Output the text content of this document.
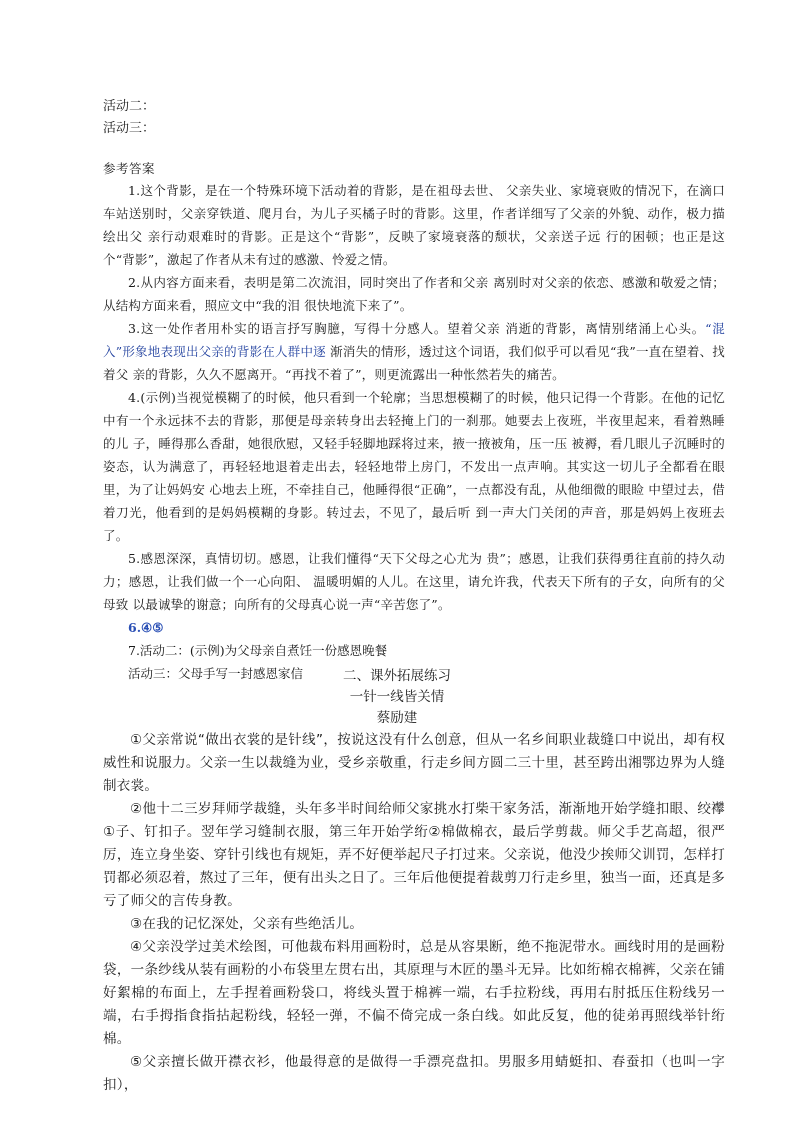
活动二：
活动三：
参考答案

1.这个背影，是在一个特殊环境下活动着的背影，是在祖母去世、 父亲失业、家境衰败的情况下，在滴口车站送别时，父亲穿铁道、爬月台，为儿子买橘子时的背影。这里，作者详细写了父亲的外貌、动作，极力描绘出父 亲行动艰难时的背影。正是这个“背影”，反映了家境衰落的颓状，父亲送子远 行的困顿；也正是这个“背影”，激起了作者从未有过的感激、怜爱之情。

2.从内容方面来看，表明是第二次流泪，同时突出了作者和父亲 离别时对父亲的依恋、感激和敬爱之情；从结构方面来看，照应文中“我的泪 很快地流下来了”。

3.这一处作者用朴实的语言抒写胸臆，写得十分感人。望着父亲 消逝的背影，离情别绪涌上心头。“混入”形象地表现出父亲的背影在人群中逐 渐消失的情形，透过这个词语，我们似乎可以看见“我”一直在望着、找着父 亲的背影，久久不愿离开。“再找不着了”，则更流露出一种怅然若失的痛苦。

4.(示例)当视觉模糊了的时候，他只看到一个轮廓；当思想模糊了的时候，他只记得一个背影。在他的记忆中有一个永远抹不去的背影，那便是母亲转身出去轻掩上门的一刹那。她要去上夜班，半夜里起来，看着熟睡的儿 子，睡得那么香甜，她很欣慰，又轻手轻脚地踩将过来，掖一掖被角，压一压 被褥，看几眼儿子沉睡时的姿态，认为满意了，再轻轻地退着走出去，轻轻地带上房门，不发出一点声响。其实这一切儿子全都看在眼里，为了让妈妈安 心地去上班，不牵挂自己，他睡得很“正确”，一点都没有乱，从他细微的眼睑 中望过去，借着刀光，他看到的是妈妈模糊的身影。转过去，不见了，最后听 到一声大门关闭的声音，那是妈妈上夜班去了。

5.感恩深深，真情切切。感恩，让我们懂得“天下父母之心尤为 贵”；感恩，让我们获得勇往直前的持久动力；感恩，让我们做一个一心向阳、 温暖明媚的人儿。在这里，请允许我，代表天下所有的子女，向所有的父母致 以最诚挚的谢意；向所有的父母真心说一声“辛苦您了”。

6.④⑤

7.活动二：(示例)为父母亲自煮饪一份感恩晚餐

活动三：父母手写一封感恩家信	二、课外拓展练习
一针一线皆关情
蔡励建

①父亲常说“做出衣裳的是针线”，按说这没有什么创意，但从一名乡间职业裁缝口中说出，却有权威性和说服力。父亲一生以裁缝为业，受乡亲敬重，行走乡间方圆二三十里，甚至跨出湘鄂边界为人缝制衣裳。

②他十二三岁拜师学裁缝，头年多半时间给师父家挑水打柴干家务活，渐渐地开始学缝扣眼、绞襻①子、钉扣子。翌年学习缝制衣服，第三年开始学绗②棉做棉衣，最后学剪裁。师父手艺高超，很严厉，连立身坐姿、穿针引线也有规矩，弄不好便举起尺子打过来。父亲说，他没少挨师父训罚，怎样打罚都必须忍着，熬过了三年，便有出头之日了。三年后他便提着裁剪刀行走乡里，独当一面，还真是多亏了师父的言传身教。

③在我的记忆深处，父亲有些绝活儿。

④父亲没学过美术绘图，可他裁布料用画粉时，总是从容果断，绝不拖泥带水。画线时用的是画粉袋，一条纱线从装有画粉的小布袋里左贯右出，其原理与木匠的墨斗无异。比如绗棉衣棉裤，父亲在铺好絮棉的布面上，左手捏着画粉袋口，将线头置于棉裤一端，右手拉粉线，再用右肘抵压住粉线另一端，右手拇指食指拈起粉线，轻轻一弹，不偏不倚完成一条白线。如此反复，他的徒弟再照线举针绗棉。

⑤父亲擅长做开襟衣衫，他最得意的是做得一手漂亮盘扣。男服多用蜻蜓扣、春蚕扣（也叫一字扣），
